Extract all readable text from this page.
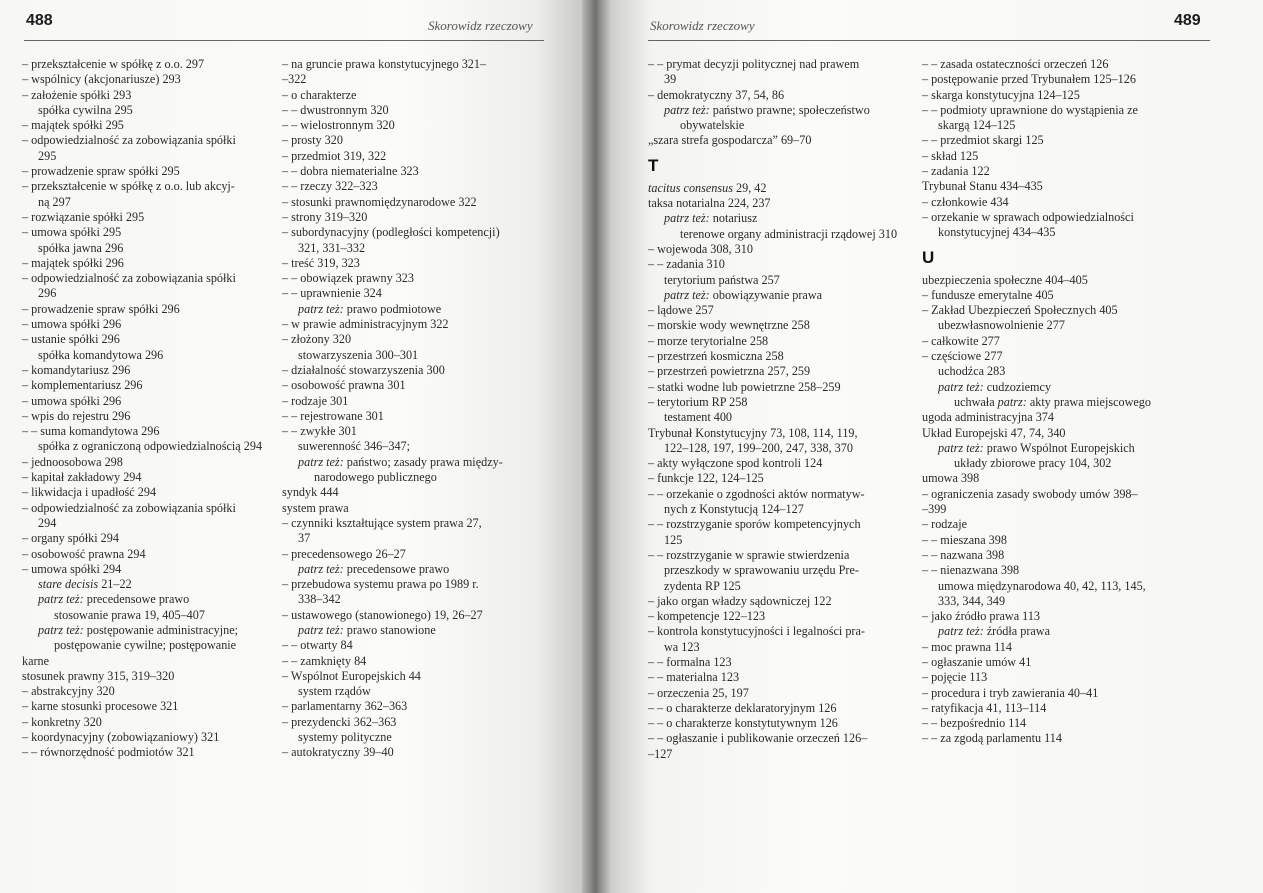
488	Skorowidz rzeczowy
– przekształcenie w spółkę z o.o. 297
– wspólnicy (akcjonariusze) 293
– założenie spółki 293
spółka cywilna 295
– majątek spółki 295
– odpowiedzialność za zobowiązania spółki
295
– prowadzenie spraw spółki 295
– przekształcenie w spółkę z o.o. lub akcyj-
ną 297
– rozwiązanie spółki 295
– umowa spółki 295
spółka jawna 296
– majątek spółki 296
– odpowiedzialność za zobowiązania spółki
296
– prowadzenie spraw spółki 296
– umowa spółki 296
– ustanie spółki 296
spółka komandytowa 296
– komandytariusz 296
– komplementariusz 296
– umowa spółki 296
– wpis do rejestru 296
– – suma komandytowa 296
spółka z ograniczoną odpowiedzialnością 294
– jednoosobowa 298
– kapitał zakładowy 294
– likwidacja i upadłość 294
– odpowiedzialność za zobowiązania spółki
294
– organy spółki 294
– osobowość prawna 294
– umowa spółki 294
stare decisis 21–22
patrz też: precedensowe prawo
stosowanie prawa 19, 405–407
patrz też: postępowanie administracyjne;
postępowanie cywilne; postępowanie
karne
stosunek prawny 315, 319–320
– abstrakcyjny 320
– karne stosunki procesowe 321
– konkretny 320
– koordynacyjny (zobowiązaniowy) 321
– – równorzędność podmiotów 321
– na gruncie prawa konstytucyjnego 321–
–322
– o charakterze
– – dwustronnym 320
– – wielostronnym 320
– prosty 320
– przedmiot 319, 322
– – dobra niematerialne 323
– – rzeczy 322–323
– stosunki prawnomiędzynarodowe 322
– strony 319–320
– subordynacyjny (podległości kompetencji)
321, 331–332
– treść 319, 323
– – obowiązek prawny 323
– – uprawnienie 324
patrz też: prawo podmiotowe
– w prawie administracyjnym 322
– złożony 320
stowarzyszenia 300–301
– działalność stowarzyszenia 300
– osobowość prawna 301
– rodzaje 301
– – rejestrowane 301
– – zwykłe 301
suwerenność 346–347;
patrz też: państwo; zasady prawa między-
narodowego publicznego
syndyk 444
system prawa
– czynniki kształtujące system prawa 27,
37
– precedensowego 26–27
patrz też: precedensowe prawo
– przebudowa systemu prawa po 1989 r.
338–342
– ustawowego (stanowionego) 19, 26–27
patrz też: prawo stanowione
– – otwarty 84
– – zamknięty 84
– Wspólnot Europejskich 44
system rządów
– parlamentarny 362–363
– prezydencki 362–363
systemy polityczne
– autokratyczny 39–40
Skorowidz rzeczowy	489
– – prymat decyzji politycznej nad prawem
39
– demokratyczny 37, 54, 86
patrz też: państwo prawne; społeczeństwo
obywatelskie
„szara strefa gospodarcza” 69–70
T
tacitus consensus 29, 42
taksa notarialna 224, 237
patrz też: notariusz
terenowe organy administracji rządowej 310
– wojewoda 308, 310
– – zadania 310
terytorium państwa 257
patrz też: obowiązywanie prawa
– lądowe 257
– morskie wody wewnętrzne 258
– morze terytorialne 258
– przestrzeń kosmiczna 258
– przestrzeń powietrzna 257, 259
– statki wodne lub powietrzne 258–259
– terytorium RP 258
testament 400
Trybunał Konstytucyjny 73, 108, 114, 119,
122–128, 197, 199–200, 247, 338, 370
– akty wyłączone spod kontroli 124
– funkcje 122, 124–125
– – orzekanie o zgodności aktów normatyw-
nych z Konstytucją 124–127
– – rozstrzyganie sporów kompetencyjnych
125
– – rozstrzyganie w sprawie stwierdzenia
przeszkody w sprawowaniu urzędu Pre-
zydenta RP 125
– jako organ władzy sądowniczej 122
– kompetencje 122–123
– kontrola konstytucyjności i legalności pra-
wa 123
– – formalna 123
– – materialna 123
– orzeczenia 25, 197
– – o charakterze deklaratoryjnym 126
– – o charakterze konstytutywnym 126
– – ogłaszanie i publikowanie orzeczeń 126–
–127
– – zasada ostateczności orzeczeń 126
– postępowanie przed Trybunałem 125–126
– skarga konstytucyjna 124–125
– – podmioty uprawnione do wystąpienia ze
skargą 124–125
– – przedmiot skargi 125
– skład 125
– zadania 122
Trybunał Stanu 434–435
– członkowie 434
– orzekanie w sprawach odpowiedzialności
konstytucyjnej 434–435
U
ubezpieczenia społeczne 404–405
– fundusze emerytalne 405
– Zakład Ubezpieczeń Społecznych 405
ubezwłasnowolnienie 277
– całkowite 277
– częściowe 277
uchodźca 283
patrz też: cudzoziemcy
uchwała patrz: akty prawa miejscowego
ugoda administracyjna 374
Układ Europejski 47, 74, 340
patrz też: prawo Wspólnot Europejskich
układy zbiorowe pracy 104, 302
umowa 398
– ograniczenia zasady swobody umów 398–
–399
– rodzaje
– – mieszana 398
– – nazwana 398
– – nienazwana 398
umowa międzynarodowa 40, 42, 113, 145,
333, 344, 349
– jako źródło prawa 113
patrz też: źródła prawa
– moc prawna 114
– ogłaszanie umów 41
– pojęcie 113
– procedura i tryb zawierania 40–41
– ratyfikacja 41, 113–114
– – bezpośrednio 114
– – za zgodą parlamentu 114
